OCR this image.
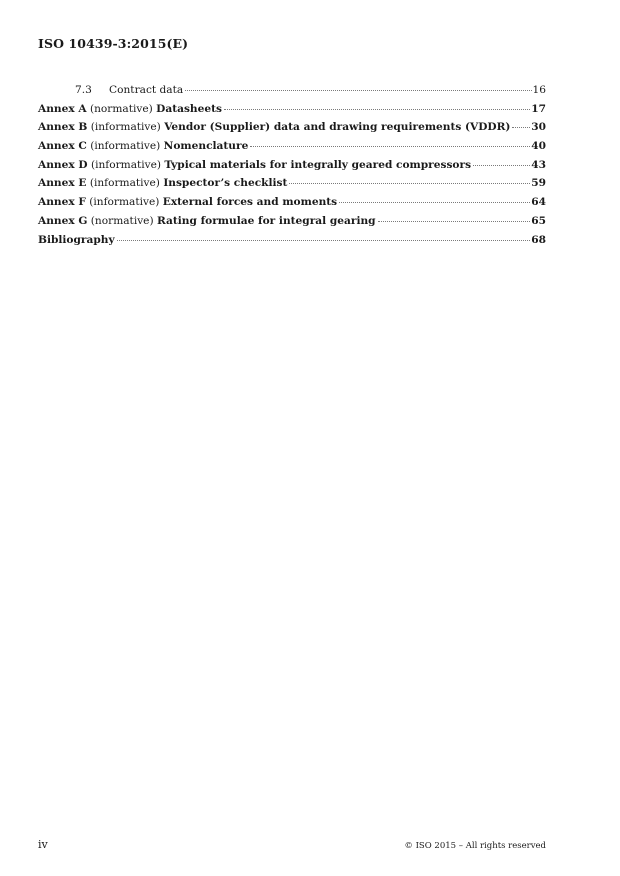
ISO 10439-3:2015(E)
7.3 Contract data	16
Annex A (normative) Datasheets	17
Annex B (informative) Vendor (Supplier) data and drawing requirements (VDDR) 30
Annex C (informative) Nomenclature	40
Annex D (informative) Typical materials for integrally geared compressors	43
Annex E (informative) Inspector’s checklist	59
Annex F (informative) External forces and moments	64
Annex G (normative) Rating formulae for integral gearing	65
Bibliography	68
iv	© ISO 2015 – All rights reserved
